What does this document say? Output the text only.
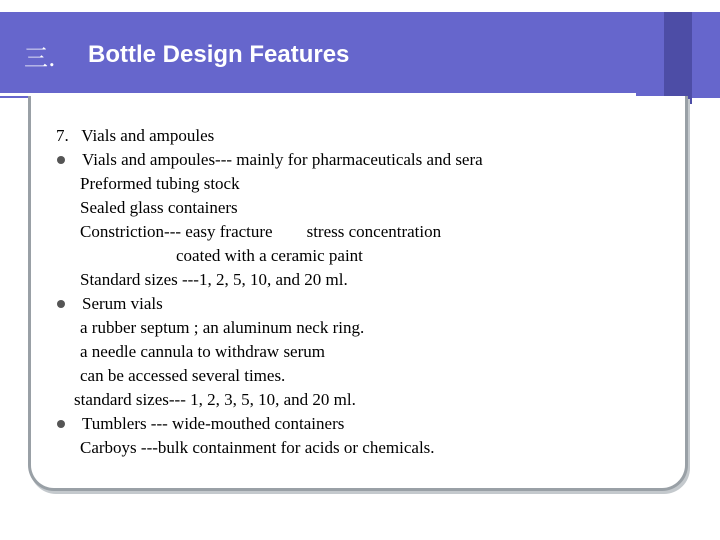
三.	Bottle Design Features
7.   Vials and ampoules
Vials and ampoules--- mainly for pharmaceuticals and sera
Preformed tubing stock
Sealed glass containers
Constriction--- easy fracture stress concentration
coated with a ceramic paint
Standard sizes ---1, 2, 5, 10, and 20 ml.
Serum vials
a rubber septum ; an aluminum neck ring.
a needle cannula to withdraw serum
can be accessed several times.
standard sizes--- 1, 2, 3, 5, 10, and 20 ml.
Tumblers --- wide-mouthed containers
Carboys ---bulk containment for acids or chemicals.
